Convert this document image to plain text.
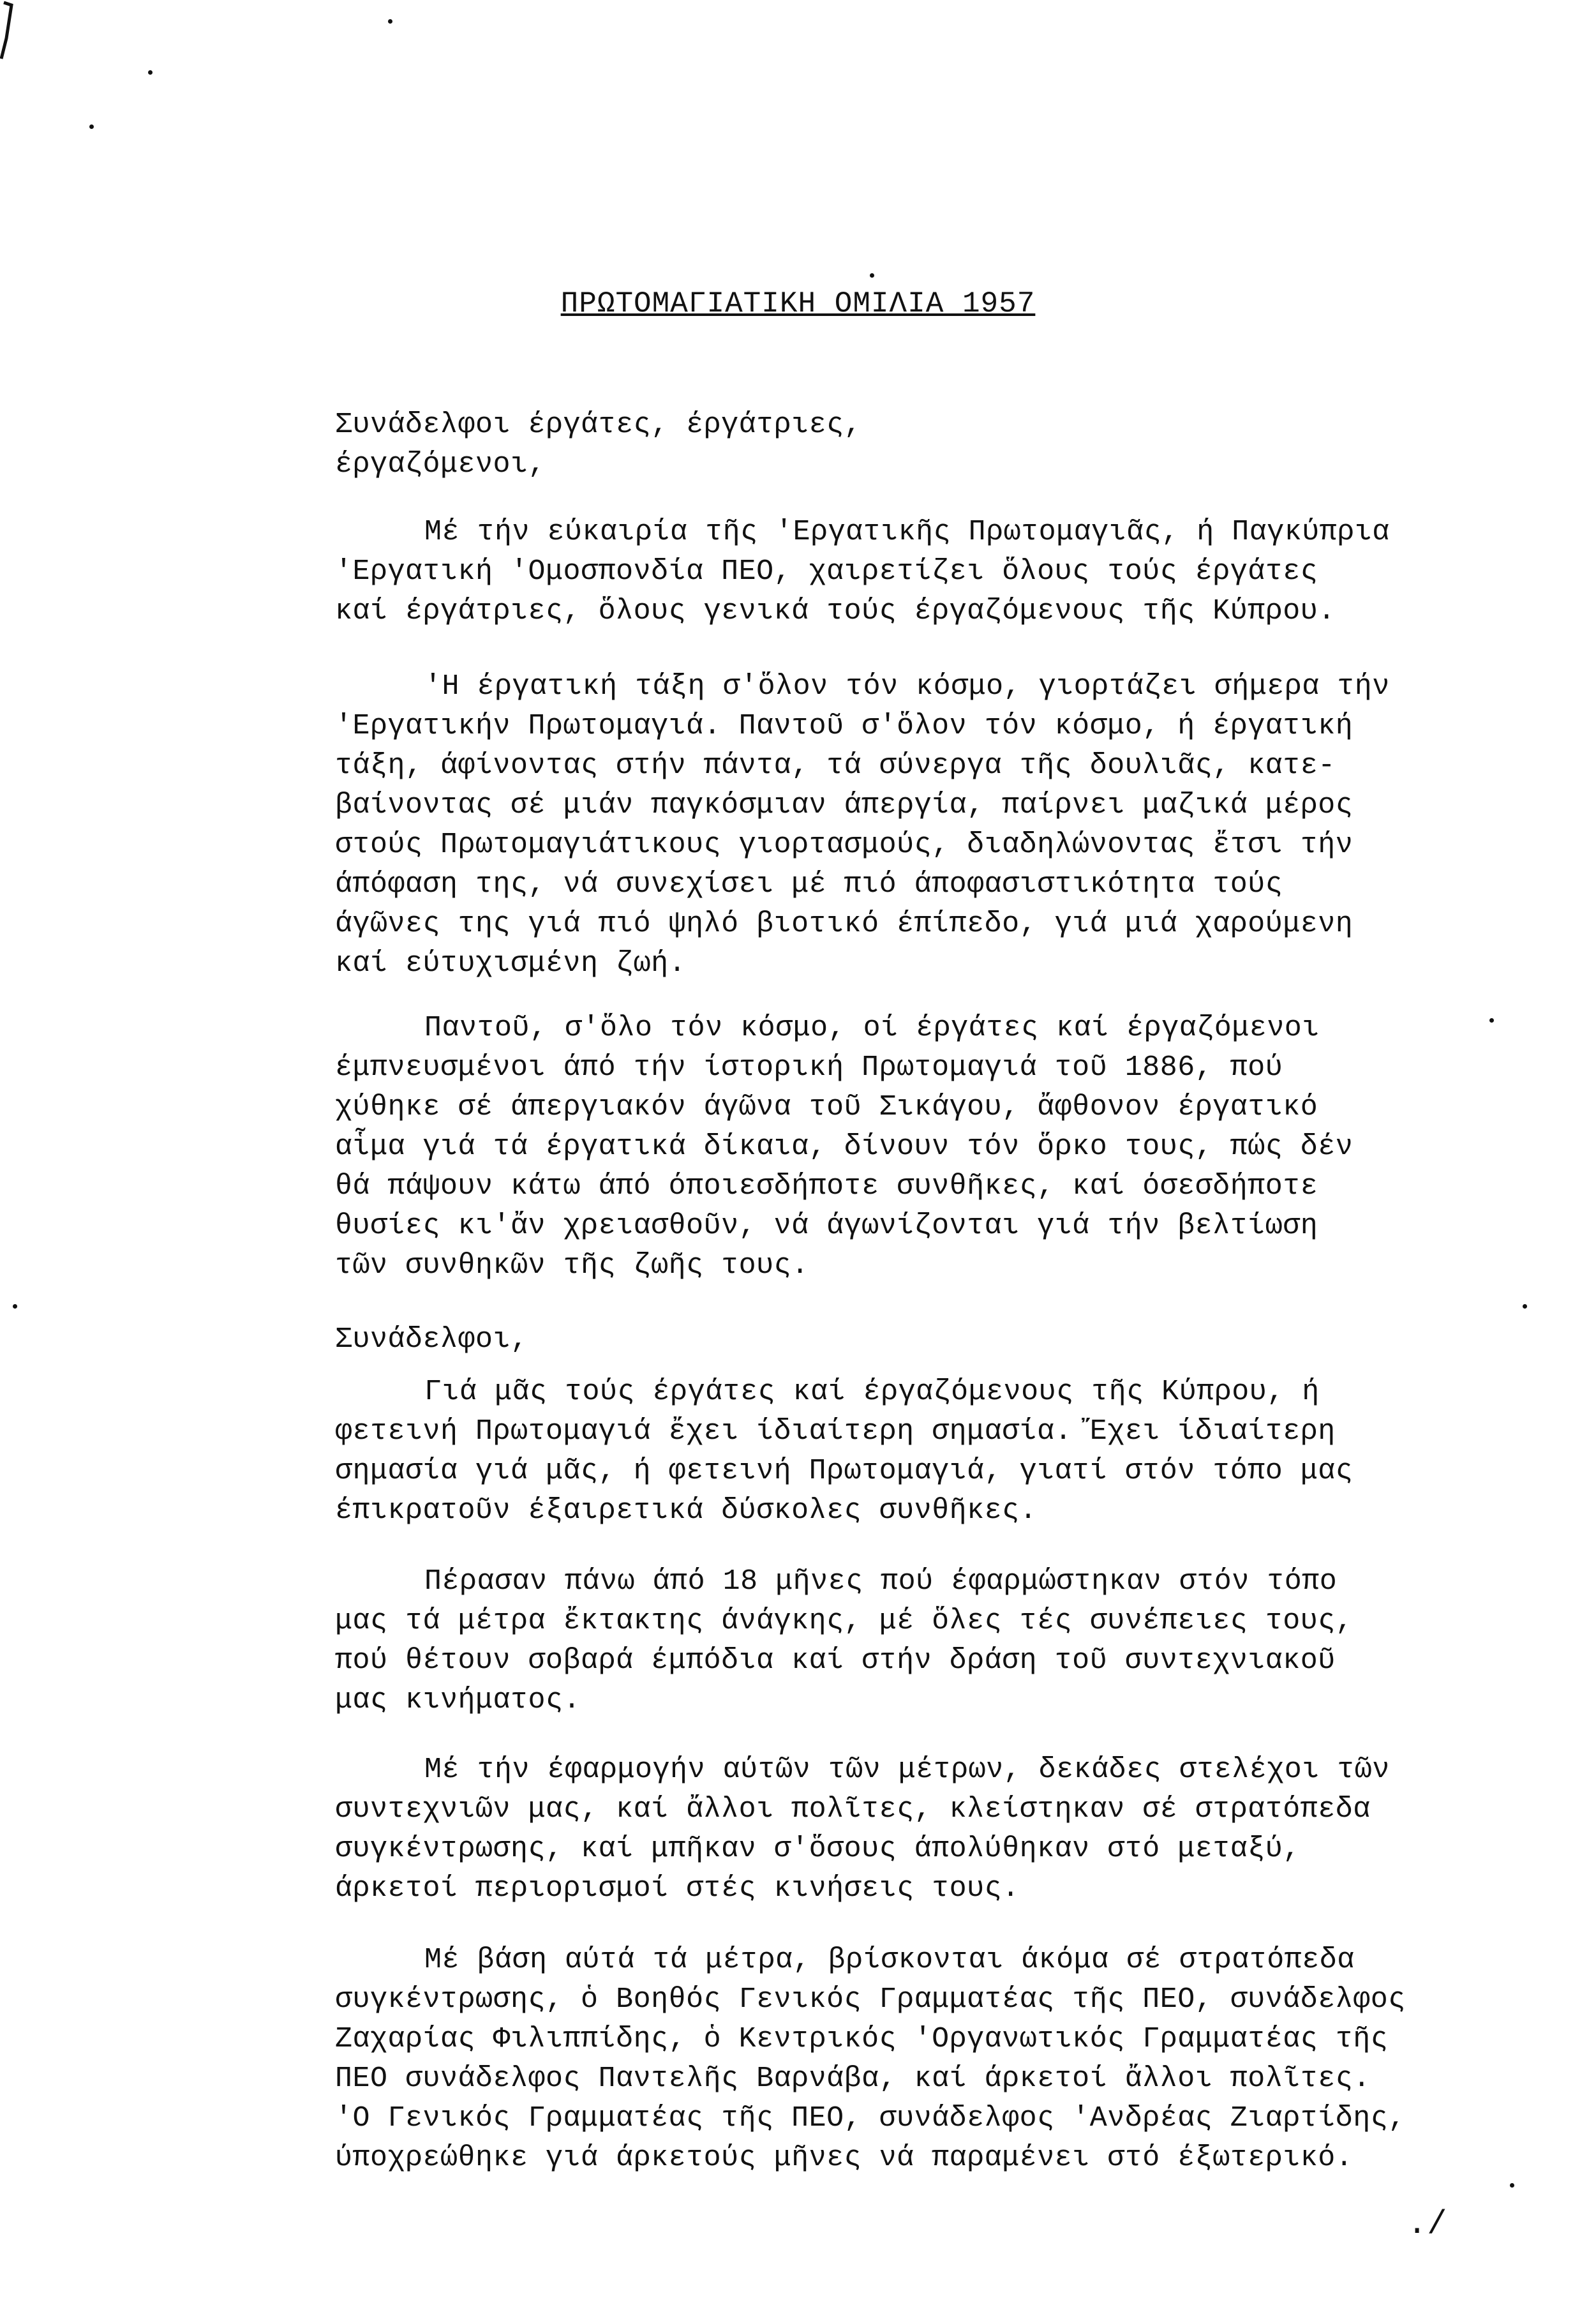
ΠΡΩΤΟΜΑΓΙΑΤΙΚΗ ΟΜΙΛΙΑ 1957
Συνάδελφοι έργάτες, έργάτριες,
έργαζόμενοι,
Μέ τήν εύκαιρία τῆς 'Εργατικῆς Πρωτομαγιᾶς, ή Παγκύπρια
'Εργατική 'Ομοσπονδία ΠΕΟ, χαιρετίζει ὅλους τούς έργάτες
καί έργάτριες, ὅλους γενικά τούς έργαζόμενους τῆς Κύπρου.
'Η έργατική τάξη σ'ὅλον τόν κόσμο, γιορτάζει σήμερα τήν
'Εργατικήν Πρωτομαγιά. Παντοῦ σ'ὅλον τόν κόσμο, ή έργατική
τάξη, άφίνοντας στήν πάντα, τά σύνεργα τῆς δουλιᾶς, κατε-
βαίνοντας σέ μιάν παγκόσμιαν άπεργία, παίρνει μαζικά μέρος
στούς Πρωτομαγιάτικους γιορτασμούς, διαδηλώνοντας ἔτσι τήν
άπόφαση της, νά συνεχίσει μέ πιό άποφασιστικότητα τούς
άγῶνες της γιά πιό ψηλό βιοτικό έπίπεδο, γιά μιά χαρούμενη
καί εύτυχισμένη ζωή.
Παντοῦ, σ'ὅλο τόν κόσμο, οί έργάτες καί έργαζόμενοι
έμπνευσμένοι άπό τήν ίστορική Πρωτομαγιά τοῦ 1886, πού
χύθηκε σέ άπεργιακόν άγῶνα τοῦ Σικάγου, ἄφθονον έργατικό
αἷμα γιά τά έργατικά δίκαια, δίνουν τόν ὅρκο τους, πώς δέν
θά πάψουν κάτω άπό όποιεσδήποτε συνθῆκες, καί όσεσδήποτε
θυσίες κι'ἄν χρειασθοῦν, νά άγωνίζονται γιά τήν βελτίωση
τῶν συνθηκῶν τῆς ζωῆς τους.
Συνάδελφοι,
Γιά μᾶς τούς έργάτες καί έργαζόμενους τῆς Κύπρου, ή
φετεινή Πρωτομαγιά ἔχει ίδιαίτερη σημασία. Ἔχει ίδιαίτερη
σημασία γιά μᾶς, ή φετεινή Πρωτομαγιά, γιατί στόν τόπο μας
έπικρατοῦν έξαιρετικά δύσκολες συνθῆκες.
Πέρασαν πάνω άπό 18 μῆνες πού έφαρμώστηκαν στόν τόπο
μας τά μέτρα ἔκτακτης άνάγκης, μέ ὅλες τές συνέπειες τους,
πού θέτουν σοβαρά έμπόδια καί στήν δράση τοῦ συντεχνιακοῦ
μας κινήματος.
Μέ τήν έφαρμογήν αύτῶν τῶν μέτρων, δεκάδες στελέχοι τῶν
συντεχνιῶν μας, καί ἄλλοι πολῖτες, κλείστηκαν σέ στρατόπεδα
συγκέντρωσης, καί μπῆκαν σ'ὅσους άπολύθηκαν στό μεταξύ,
άρκετοί περιορισμοί στές κινήσεις τους.
Μέ βάση αύτά τά μέτρα, βρίσκονται άκόμα σέ στρατόπεδα
συγκέντρωσης, ὁ Βοηθός Γενικός Γραμματέας τῆς ΠΕΟ, συνάδελφος
Ζαχαρίας Φιλιππίδης, ὁ Κεντρικός 'Οργανωτικός Γραμματέας τῆς
ΠΕΟ συνάδελφος Παντελῆς Βαρνάβα, καί άρκετοί ἄλλοι πολῖτες.
'Ο Γενικός Γραμματέας τῆς ΠΕΟ, συνάδελφος 'Ανδρέας Ζιαρτίδης,
ύποχρεώθηκε γιά άρκετούς μῆνες νά παραμένει στό έξωτερικό.
./
